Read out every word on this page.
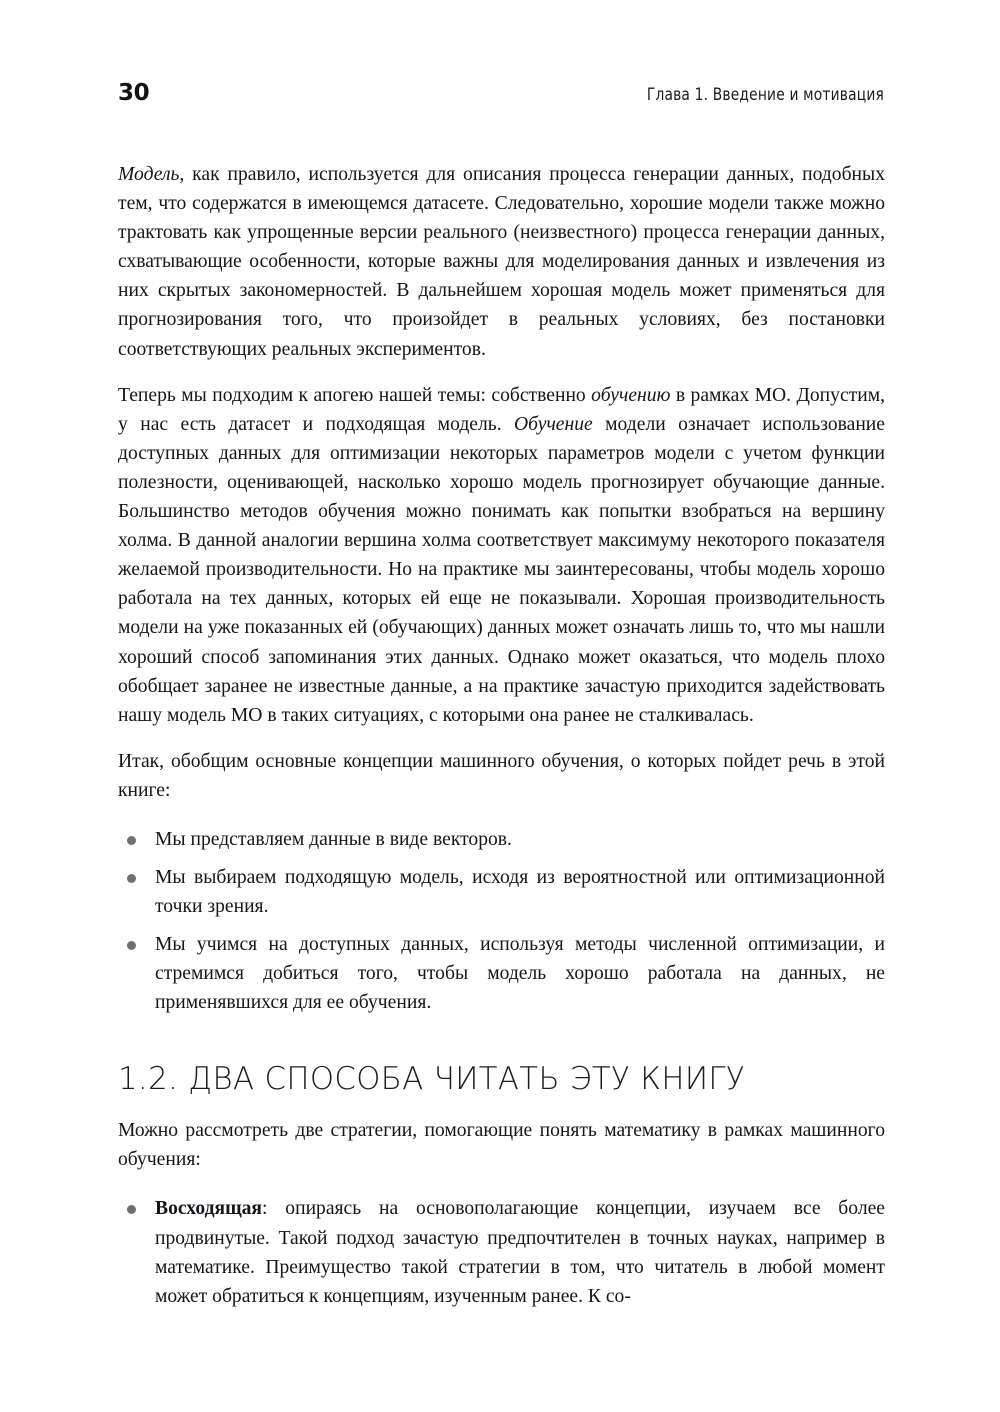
30	Глава 1. Введение и мотивация

Модель, как правило, используется для описания процесса генерации данных, подобных тем, что содержатся в имеющемся датасете. Следовательно, хорошие модели также можно трактовать как упрощенные версии реального (неизвестного) процесса генерации данных, схватывающие особенности, которые важны для моделирования данных и извлечения из них скрытых закономерностей. В дальнейшем хорошая модель может применяться для прогнозирования того, что произойдет в реальных условиях, без постановки соответствующих реальных экспериментов.

Теперь мы подходим к апогею нашей темы: собственно обучению в рамках МО. Допустим, у нас есть датасет и подходящая модель. Обучение модели означает использование доступных данных для оптимизации некоторых параметров модели с учетом функции полезности, оценивающей, насколько хорошо модель прогнозирует обучающие данные. Большинство методов обучения можно понимать как попытки взобраться на вершину холма. В данной аналогии вершина холма соответствует максимуму некоторого показателя желаемой производительности. Но на практике мы заинтересованы, чтобы модель хорошо работала на тех данных, которых ей еще не показывали. Хорошая производительность модели на уже показанных ей (обучающих) данных может означать лишь то, что мы нашли хороший способ запоминания этих данных. Однако может оказаться, что модель плохо обобщает заранее не известные данные, а на практике зачастую приходится задействовать нашу модель МО в таких ситуациях, с которыми она ранее не сталкивалась.

Итак, обобщим основные концепции машинного обучения, о которых пойдет речь в этой книге:

Мы представляем данные в виде векторов.
Мы выбираем подходящую модель, исходя из вероятностной или оптимизационной точки зрения.
Мы учимся на доступных данных, используя методы численной оптимизации, и стремимся добиться того, чтобы модель хорошо работала на данных, не применявшихся для ее обучения.
1.2. ДВА СПОСОБА ЧИТАТЬ ЭТУ КНИГУ

Можно рассмотреть две стратегии, помогающие понять математику в рамках машинного обучения:

Восходящая: опираясь на основополагающие концепции, изучаем все более продвинутые. Такой подход зачастую предпочтителен в точных науках, например в математике. Преимущество такой стратегии в том, что читатель в любой момент может обратиться к концепциям, изученным ранее. К со-
